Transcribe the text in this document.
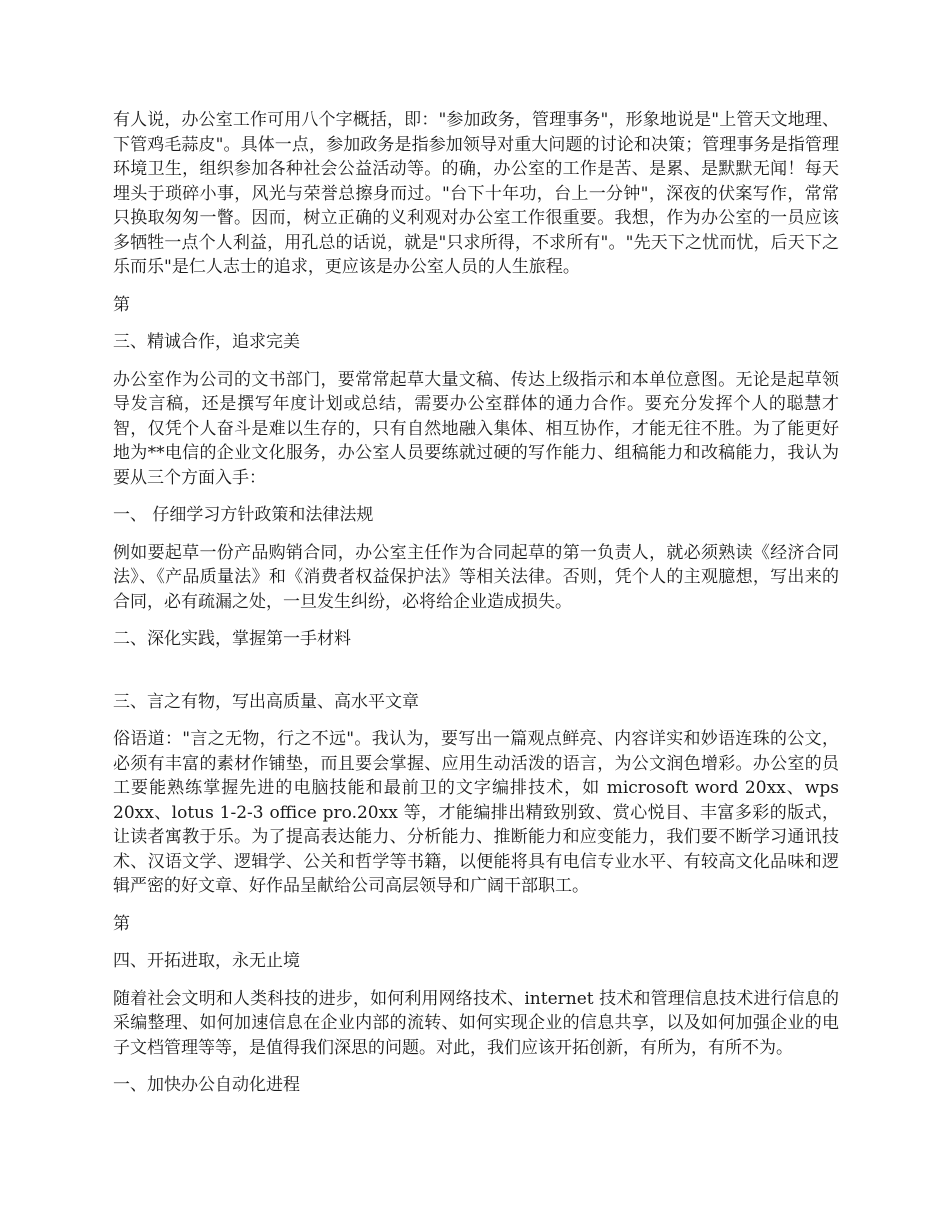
有人说，办公室工作可用八个字概括，即："参加政务，管理事务"，形象地说是"上管天文地理、下管鸡毛蒜皮"。具体一点，参加政务是指参加领导对重大问题的讨论和决策；管理事务是指管理环境卫生，组织参加各种社会公益活动等。的确，办公室的工作是苦、是累、是默默无闻！每天埋头于琐碎小事，风光与荣誉总擦身而过。"台下十年功，台上一分钟"，深夜的伏案写作，常常只换取匆匆一瞥。因而，树立正确的义利观对办公室工作很重要。我想，作为办公室的一员应该多牺牲一点个人利益，用孔总的话说，就是"只求所得，不求所有"。"先天下之忧而忧，后天下之乐而乐"是仁人志士的追求，更应该是办公室人员的人生旅程。

第

三、精诚合作，追求完美

办公室作为公司的文书部门，要常常起草大量文稿、传达上级指示和本单位意图。无论是起草领导发言稿，还是撰写年度计划或总结，需要办公室群体的通力合作。要充分发挥个人的聪慧才智，仅凭个人奋斗是难以生存的，只有自然地融入集体、相互协作，才能无往不胜。为了能更好地为**电信的企业文化服务，办公室人员要练就过硬的写作能力、组稿能力和改稿能力，我认为要从三个方面入手：

一、 仔细学习方针政策和法律法规

例如要起草一份产品购销合同，办公室主任作为合同起草的第一负责人，就必须熟读《经济合同法》、《产品质量法》和《消费者权益保护法》等相关法律。否则，凭个人的主观臆想，写出来的合同，必有疏漏之处，一旦发生纠纷，必将给企业造成损失。

二、深化实践，掌握第一手材料

三、言之有物，写出高质量、高水平文章

俗语道："言之无物，行之不远"。我认为，要写出一篇观点鲜亮、内容详实和妙语连珠的公文，必须有丰富的素材作铺垫，而且要会掌握、应用生动活泼的语言，为公文润色增彩。办公室的员工要能熟练掌握先进的电脑技能和最前卫的文字编排技术，如 microsoft word 20xx、wps 20xx、lotus 1-2-3 office pro.20xx 等，才能编排出精致别致、赏心悦目、丰富多彩的版式，让读者寓教于乐。为了提高表达能力、分析能力、推断能力和应变能力，我们要不断学习通讯技术、汉语文学、逻辑学、公关和哲学等书籍，以便能将具有电信专业水平、有较高文化品味和逻辑严密的好文章、好作品呈献给公司高层领导和广阔干部职工。

第

四、开拓进取，永无止境

随着社会文明和人类科技的进步，如何利用网络技术、internet 技术和管理信息技术进行信息的采编整理、如何加速信息在企业内部的流转、如何实现企业的信息共享，以及如何加强企业的电子文档管理等等，是值得我们深思的问题。对此，我们应该开拓创新，有所为，有所不为。

一、加快办公自动化进程
